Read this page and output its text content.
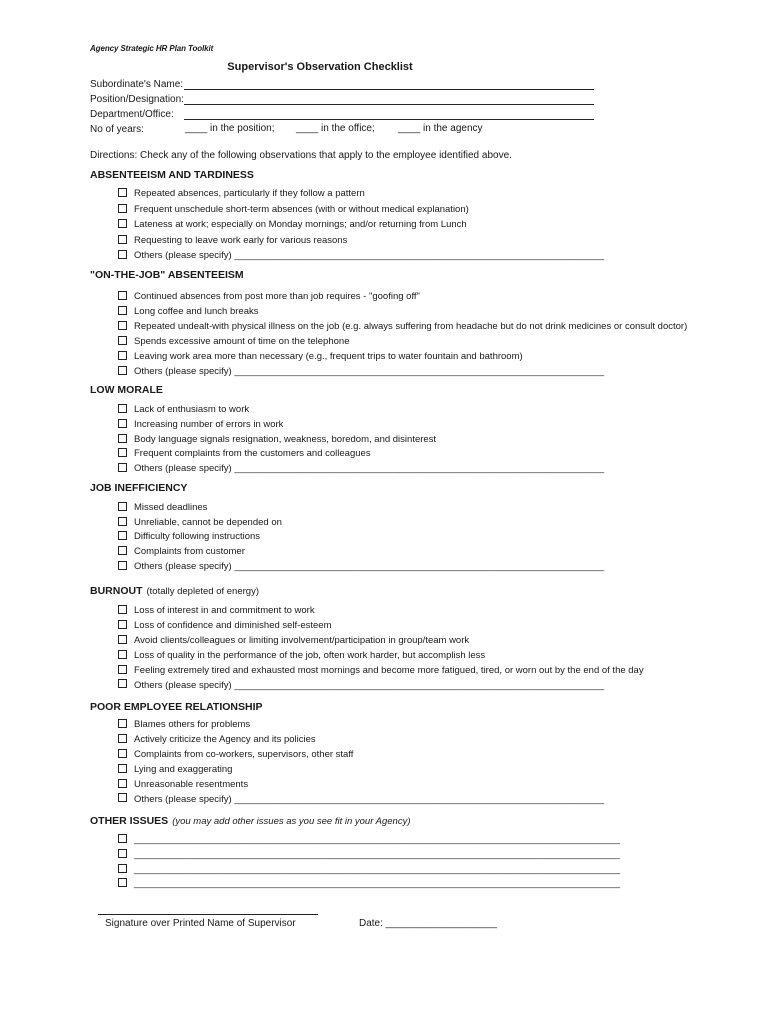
Agency Strategic HR Plan Toolkit
Supervisor's Observation Checklist
Subordinate's Name:
Position/Designation:
Department/Office:
No of years:	____ in the position; ____ in the office; ____ in the agency
Directions: Check any of the following observations that apply to the employee identified above.
ABSENTEEISM AND TARDINESS
Repeated absences, particularly if they follow a pattern
Frequent unschedule short-term absences (with or without medical explanation)
Lateness at work; especially on Monday mornings; and/or returning from Lunch
Requesting to leave work early for various reasons
Others (please specify) ______________________________________________________________________
"ON-THE-JOB" ABSENTEEISM
Continued absences from post more than job requires - "goofing off"
Long coffee and lunch breaks
Repeated undealt-with physical illness on the job (e.g. always suffering from headache but do not drink medicines or consult doctor)
Spends excessive amount of time on the telephone
Leaving work area more than necessary (e.g., frequent trips to water fountain and bathroom)
Others (please specify) ______________________________________________________________________
LOW MORALE
Lack of enthusiasm to work
Increasing number of errors in work
Body language signals resignation, weakness, boredom, and disinterest
Frequent complaints from the customers and colleagues
Others (please specify) ______________________________________________________________________
JOB INEFFICIENCY
Missed deadlines
Unreliable, cannot be depended on
Difficulty following instructions
Complaints from customer
Others (please specify) ______________________________________________________________________
BURNOUT (totally depleted of energy)
Loss of interest in and commitment to work
Loss of confidence and diminished self-esteem
Avoid clients/colleagues or limiting involvement/participation in group/team work
Loss of quality in the performance of the job, often work harder, but accomplish less
Feeling extremely tired and exhausted most mornings and become more fatigued, tired, or worn out by the end of the day
Others (please specify) ______________________________________________________________________
POOR EMPLOYEE RELATIONSHIP
Blames others for problems
Actively criticize the Agency and its policies
Complaints from co-workers, supervisors, other staff
Lying and exaggerating
Unreasonable resentments
Others (please specify) ______________________________________________________________________
OTHER ISSUES (you may add other issues as you see fit in your Agency)
____________________________________________________________________________________________
____________________________________________________________________________________________
____________________________________________________________________________________________
____________________________________________________________________________________________
Signature over Printed Name of Supervisor	Date: ____________________
